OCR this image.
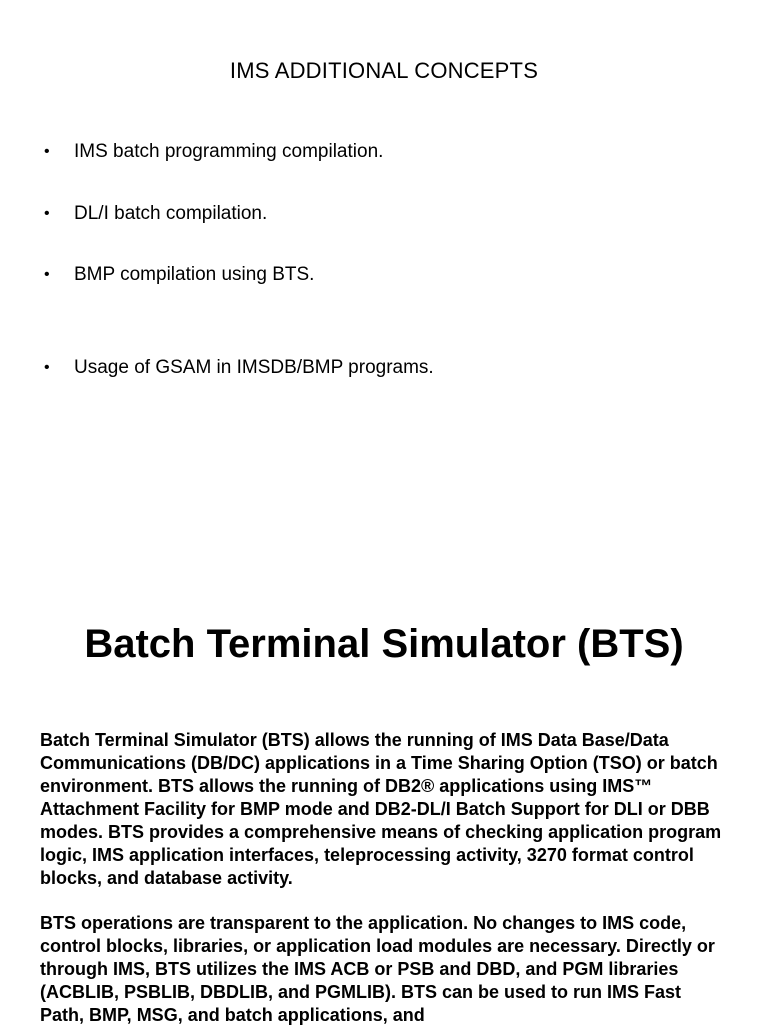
IMS ADDITIONAL CONCEPTS
• IMS batch programming compilation.
• DL/I batch compilation.
• BMP compilation using BTS.
• Usage of GSAM in IMSDB/BMP programs.
Batch Terminal Simulator (BTS)

Batch Terminal Simulator (BTS) allows the running of IMS Data Base/Data Communications (DB/DC) applications in a Time Sharing Option (TSO) or batch environment. BTS allows the running of DB2® applications using IMS™ Attachment Facility for BMP mode and DB2-DL/I Batch Support for DLI or DBB modes. BTS provides a comprehensive means of checking application program logic, IMS application interfaces, teleprocessing activity, 3270 format control blocks, and database activity.

BTS operations are transparent to the application. No changes to IMS code, control blocks, libraries, or application load modules are necessary. Directly or through IMS, BTS utilizes the IMS ACB or PSB and DBD, and PGM libraries (ACBLIB, PSBLIB, DBDLIB, and PGMLIB). BTS can be used to run IMS Fast Path, BMP, MSG, and batch applications, and
